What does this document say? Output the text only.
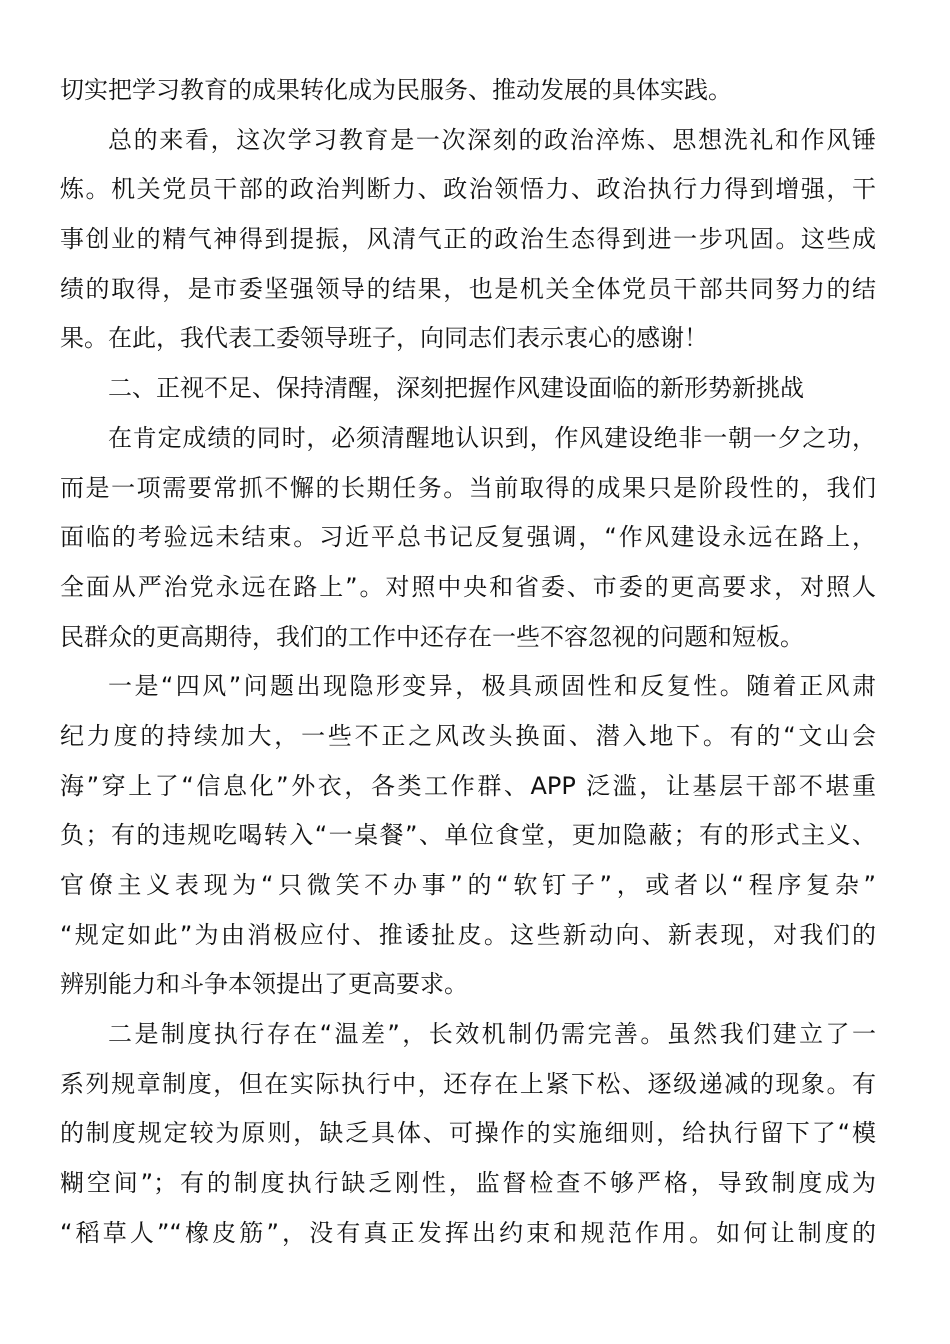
切实把学习教育的成果转化成为民服务、推动发展的具体实践。
总的来看，这次学习教育是一次深刻的政治淬炼、思想洗礼和作风锤
炼。机关党员干部的政治判断力、政治领悟力、政治执行力得到增强，干
事创业的精气神得到提振，风清气正的政治生态得到进一步巩固。这些成
绩的取得，是市委坚强领导的结果，也是机关全体党员干部共同努力的结
果。在此，我代表工委领导班子，向同志们表示衷心的感谢！
二、正视不足、保持清醒，深刻把握作风建设面临的新形势新挑战
在肯定成绩的同时，必须清醒地认识到，作风建设绝非一朝一夕之功，
而是一项需要常抓不懈的长期任务。当前取得的成果只是阶段性的，我们
面临的考验远未结束。习近平总书记反复强调，“作风建设永远在路上，
全面从严治党永远在路上”。对照中央和省委、市委的更高要求，对照人
民群众的更高期待，我们的工作中还存在一些不容忽视的问题和短板。
一是“四风”问题出现隐形变异，极具顽固性和反复性。随着正风肃
纪力度的持续加大，一些不正之风改头换面、潜入地下。有的“文山会
海”穿上了“信息化”外衣，各类工作群、APP 泛滥，让基层干部不堪重
负；有的违规吃喝转入“一桌餐”、单位食堂，更加隐蔽；有的形式主义、
官僚主义表现为“只微笑不办事”的“软钉子”，或者以“程序复杂”
“规定如此”为由消极应付、推诿扯皮。这些新动向、新表现，对我们的
辨别能力和斗争本领提出了更高要求。
二是制度执行存在“温差”，长效机制仍需完善。虽然我们建立了一
系列规章制度，但在实际执行中，还存在上紧下松、逐级递减的现象。有
的制度规定较为原则，缺乏具体、可操作的实施细则，给执行留下了“模
糊空间”；有的制度执行缺乏刚性，监督检查不够严格，导致制度成为
“稻草人”“橡皮筋”，没有真正发挥出约束和规范作用。如何让制度的
